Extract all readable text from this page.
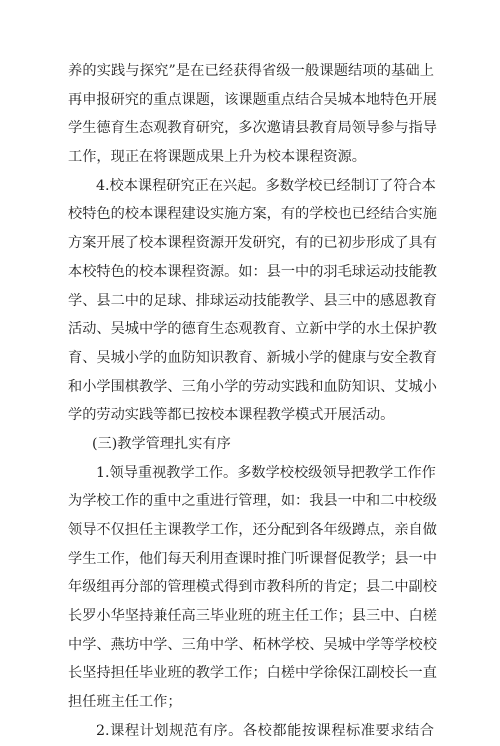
养的实践与探究”是在已经获得省级一般课题结项的基础上
再申报研究的重点课题，该课题重点结合吴城本地特色开展
学生德育生态观教育研究，多次邀请县教育局领导参与指导
工作，现正在将课题成果上升为校本课程资源。
4.校本课程研究正在兴起。多数学校已经制订了符合本
校特色的校本课程建设实施方案，有的学校也已经结合实施
方案开展了校本课程资源开发研究，有的已初步形成了具有
本校特色的校本课程资源。如：县一中的羽毛球运动技能教
学、县二中的足球、排球运动技能教学、县三中的感恩教育
活动、吴城中学的德育生态观教育、立新中学的水土保护教
育、吴城小学的血防知识教育、新城小学的健康与安全教育
和小学围棋教学、三角小学的劳动实践和血防知识、艾城小
学的劳动实践等都已按校本课程教学模式开展活动。
(三)教学管理扎实有序
1.领导重视教学工作。多数学校校级领导把教学工作作
为学校工作的重中之重进行管理，如：我县一中和二中校级
领导不仅担任主课教学工作，还分配到各年级蹲点，亲自做
学生工作，他们每天利用查课时推门听课督促教学；县一中
年级组再分部的管理模式得到市教科所的肯定；县二中副校
长罗小华坚持兼任高三毕业班的班主任工作；县三中、白槎
中学、燕坊中学、三角中学、柘林学校、吴城中学等学校校
长坚持担任毕业班的教学工作；白槎中学徐保江副校长一直
担任班主任工作；
2.课程计划规范有序。各校都能按课程标准要求结合
